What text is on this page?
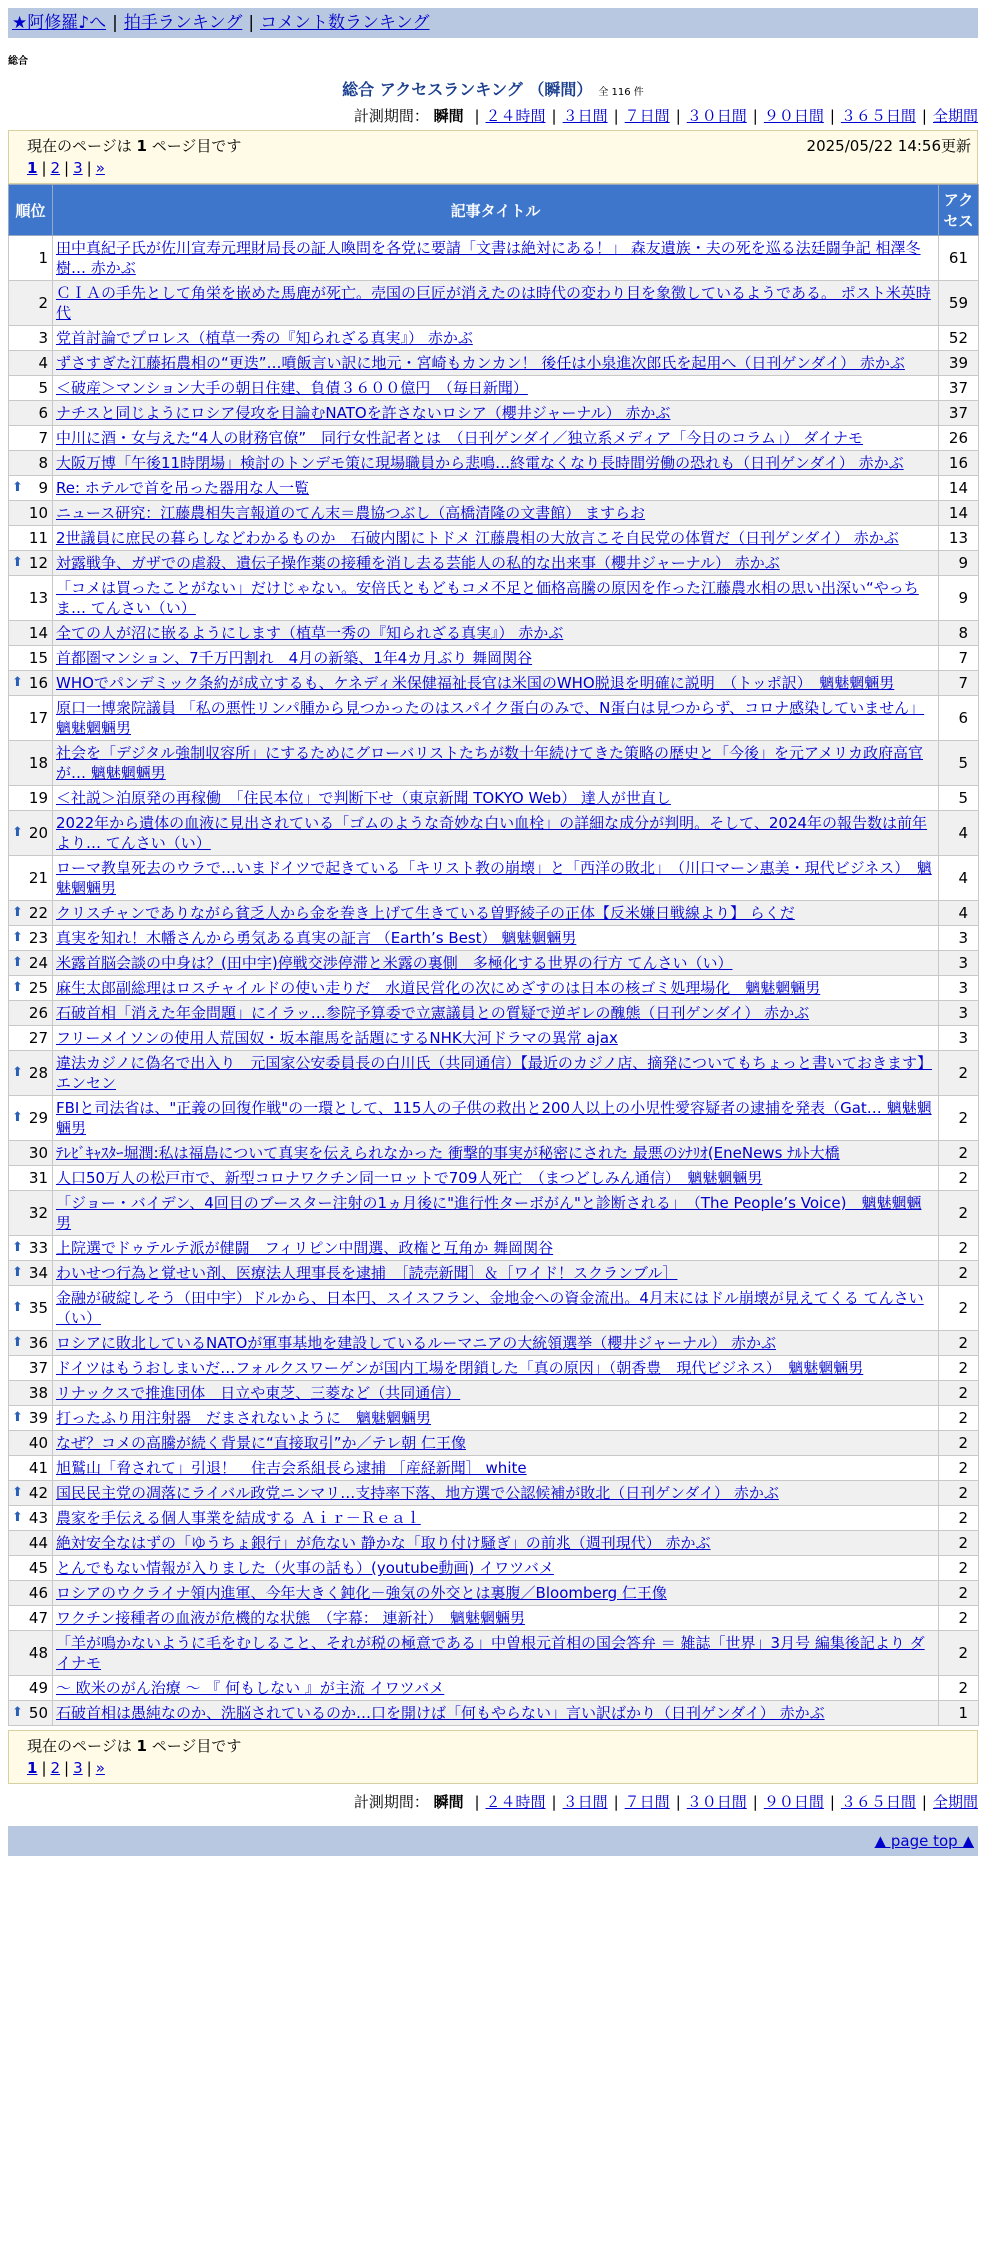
★阿修羅♪へ | 拍手ランキング | コメント数ランキング
総合
総合 アクセスランキング （瞬間） 全 116 件
計測期間： 瞬間 | ２４時間 | ３日間 | ７日間 | ３０日間 | ９０日間 | ３６５日間 | 全期間
現在のページは 1 ページ目です	2025/05/22 14:56更新
1 | 2 | 3 | »
順位	記事タイトル	アクセス
1	田中真紀子氏が佐川宣寿元理財局長の証人喚問を各党に要請「文書は絶対にある！」 森友遺族・夫の死を巡る法廷闘争記 相澤冬樹… 赤かぶ	61
2	ＣＩＡの手先として角栄を嵌めた馬鹿が死亡。売国の巨匠が消えたのは時代の変わり目を象徴しているようである。 ポスト米英時代	59
3	党首討論でプロレス（植草一秀の『知られざる真実』） 赤かぶ	52
4	ずさすぎた江藤拓農相の“更迭”…噴飯言い訳に地元・宮崎もカンカン！ 後任は小泉進次郎氏を起用へ（日刊ゲンダイ） 赤かぶ	39
5	＜破産＞マンション大手の朝日住建、負債３６００億円　（毎日新聞）	37
6	ナチスと同じようにロシア侵攻を目論むNATOを許さないロシア（櫻井ジャーナル） 赤かぶ	37
7	中川に酒・女与えた“4人の財務官僚”　同行女性記者とは　（日刊ゲンダイ／独立系メディア「今日のコラム」） ダイナモ	26
8	大阪万博「午後11時閉場」検討のトンデモ策に現場職員から悲鳴…終電なくなり長時間労働の恐れも（日刊ゲンダイ） 赤かぶ	16

⬆ 9	Re: ホテルで首を吊った器用な人一覧	14
10	ニュース研究：江藤農相失言報道のてん末＝農協つぶし（高橋清隆の文書館） ますらお	14
11	2世議員に庶民の暮らしなどわかるものか　石破内閣にトドメ 江藤農相の大放言こそ自民党の体質だ（日刊ゲンダイ） 赤かぶ	13

⬆ 12	対露戦争、ガザでの虐殺、遺伝子操作薬の接種を消し去る芸能人の私的な出来事（櫻井ジャーナル） 赤かぶ	9
13	「コメは買ったことがない」だけじゃない。安倍氏ともどもコメ不足と価格高騰の原因を作った江藤農水相の思い出深い“やっちま… てんさい（い）	9
14	全ての人が沼に嵌るようにします（植草一秀の『知られざる真実』） 赤かぶ	8
15	首都圏マンション、7千万円割れ　4月の新築、1年4カ月ぶり 舞岡関谷	7

⬆ 16	WHOでパンデミック条約が成立するも、ケネディ米保健福祉長官は米国のWHO脱退を明確に説明　（トッポ訳）　魑魅魍魎男	7
17	原口一博衆院議員 「私の悪性リンパ腫から見つかったのはスパイク蛋白のみで、N蛋白は見つからず、コロナ感染していません」 魑魅魍魎男	6
18	社会を「デジタル強制収容所」にするためにグローバリストたちが数十年続けてきた策略の歴史と「今後」を元アメリカ政府高官が… 魑魅魍魎男	5
19	＜社説＞泊原発の再稼働　「住民本位」で判断下せ（東京新聞 TOKYO Web） 達人が世直し	5

⬆ 20	2022年から遺体の血液に見出されている「ゴムのような奇妙な白い血栓」の詳細な成分が判明。そして、2024年の報告数は前年より… てんさい（い）	4
21	ローマ教皇死去のウラで…いまドイツで起きている「キリスト教の崩壊」と「西洋の敗北」　（川口マーン惠美・現代ビジネス）　魑魅魍魎男	4

⬆ 22	クリスチャンでありながら貧乏人から金を巻き上げて生きている曽野綾子の正体【反米嫌日戦線より】 らくだ	4

⬆ 23	真実を知れ！木幡さんから勇気ある真実の証言 （Earth’s Best） 魑魅魍魎男	3

⬆ 24	米露首脳会談の中身は？(田中宇)停戦交渉停滞と米露の裏側　多極化する世界の行方 てんさい（い）	3

⬆ 25	麻生太郎副総理はロスチャイルドの使い走りだ　水道民営化の次にめざすのは日本の核ゴミ処理場化　魑魅魍魎男	3
26	石破首相「消えた年金問題」にイラッ…参院予算委で立憲議員との質疑で逆ギレの醜態（日刊ゲンダイ） 赤かぶ	3
27	フリーメイソンの使用人荒国奴・坂本龍馬を話題にするNHK大河ドラマの異常 ajax	3

⬆ 28	違法カジノに偽名で出入り　元国家公安委員長の白川氏（共同通信）【最近のカジノ店、摘発についてもちょっと書いておきます】 エンセン	2

⬆ 29	FBIと司法省は、"正義の回復作戦"の一環として、115人の子供の救出と200人以上の小児性愛容疑者の逮捕を発表（Gat… 魑魅魍魎男	2
30	ﾃﾚﾋﾞｷｬｽﾀｰ堀潤:私は福島について真実を伝えられなかった 衝撃的事実が秘密にされた 最悪のｼﾅﾘｵ(EneNews ﾅﾙﾄ大橋	2
31	人口50万人の松戸市で、新型コロナワクチン同一ロットで709人死亡　（まつどしみん通信）　魑魅魍魎男	2
32	「ジョー・バイデン、4回目のブースター注射の1ヵ月後に"進行性ターボがん"と診断される」　（The People’s Voice)　魑魅魍魎男	2

⬆ 33	上院選でドゥテルテ派が健闘　フィリピン中間選、政権と互角か 舞岡関谷	2

⬆ 34	わいせつ行為と覚せい剤、医療法人理事長を逮捕　［読売新聞］＆［ワイド！スクランブル］	2

⬆ 35	金融が破綻しそう（田中宇）ドルから、日本円、スイスフラン、金地金への資金流出。4月末にはドル崩壊が見えてくる てんさい（い）	2

⬆ 36	ロシアに敗北しているNATOが軍事基地を建設しているルーマニアの大統領選挙（櫻井ジャーナル） 赤かぶ	2
37	ドイツはもうおしまいだ…フォルクスワーゲンが国内工場を閉鎖した「真の原因」（朝香豊　現代ビジネス）　魑魅魍魎男	2
38	リナックスで推進団体　日立や東芝、三菱など（共同通信）	2

⬆ 39	打ったふり用注射器　だまされないように　魑魅魍魎男	2
40	なぜ？コメの高騰が続く背景に“直接取引”か／テレ朝 仁王像	2
41	旭鷲山「脅されて」引退！　住吉会系組長ら逮捕 ［産経新聞］ white	2

⬆ 42	国民民主党の凋落にライバル政党ニンマリ…支持率下落、地方選で公認候補が敗北（日刊ゲンダイ） 赤かぶ	2

⬆ 43	農家を手伝える個人事業を結成する Ａｉｒ－Ｒｅａｌ	2
44	絶対安全なはずの「ゆうちょ銀行」が危ない 静かな「取り付け騒ぎ」の前兆（週刊現代） 赤かぶ	2
45	とんでもない情報が入りました（火事の話も）(youtube動画) イワツバメ	2
46	ロシアのウクライナ領内進軍、今年大きく鈍化－強気の外交とは裏腹／Bloomberg 仁王像	2
47	ワクチン接種者の血液が危機的な状態　（字幕： 連新社）　魑魅魍魎男	2
48	「羊が鳴かないように毛をむしること、それが税の極意である」中曽根元首相の国会答弁 ＝ 雑誌「世界」3月号 編集後記より ダイナモ	2
49	～ 欧米のがん治療 ～ 『 何もしない 』が主流 イワツバメ	2

⬆ 50	石破首相は愚純なのか、洗脳されているのか…口を開けば「何もやらない」言い訳ばかり（日刊ゲンダイ） 赤かぶ	1
現在のページは 1 ページ目です
1 | 2 | 3 | »
計測期間： 瞬間 | ２４時間 | ３日間 | ７日間 | ３０日間 | ９０日間 | ３６５日間 | 全期間
▲ page top ▲
